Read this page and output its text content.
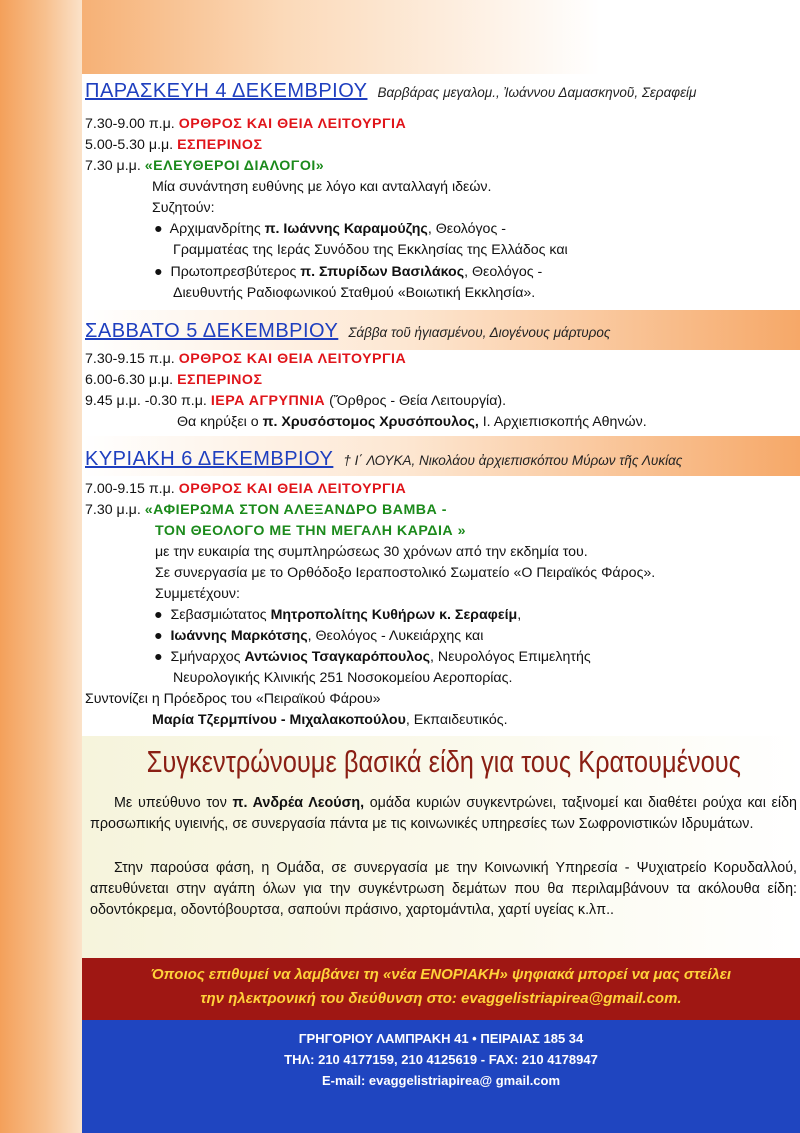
ΠΑΡΑΣΚΕΥΗ 4 ΔΕΚΕΜΒΡΙΟΥ Βαρβάρας μεγαλομ., Ἰωάννου Δαμασκηνοῦ, Σεραφείμ
7.30-9.00 π.μ. ΟΡΘΡΟΣ ΚΑΙ ΘΕΙΑ ΛΕΙΤΟΥΡΓΙΑ
5.00-5.30 μ.μ. ΕΣΠΕΡΙΝΟΣ
7.30 μ.μ. «ΕΛΕΥΘΕΡΟΙ ΔΙΑΛΟΓΟΙ»
Μία συνάντηση ευθύνης με λόγο και ανταλλαγή ιδεών.
Συζητούν:
●  Αρχιμανδρίτης π. Ιωάννης Καραμούζης, Θεολόγος -
Γραμματέας της Ιεράς Συνόδου της Εκκλησίας της Ελλάδος και
●  Πρωτοπρεσβύτερος π. Σπυρίδων Βασιλάκος, Θεολόγος -
Διευθυντής Ραδιοφωνικού Σταθμού «Βοιωτική Εκκλησία».
ΣΑΒΒΑΤΟ 5 ΔΕΚΕΜΒΡΙΟΥ Σάββα τοῦ ἡγιασμένου, Διογένους μάρτυρος
7.30-9.15 π.μ. ΟΡΘΡΟΣ ΚΑΙ ΘΕΙΑ ΛΕΙΤΟΥΡΓΙΑ
6.00-6.30 μ.μ. ΕΣΠΕΡΙΝΟΣ
9.45 μ.μ. -0.30 π.μ. ΙΕΡΑ ΑΓΡΥΠΝΙΑ (Ὄρθρος - Θεία Λειτουργία).
Θα κηρύξει ο π. Χρυσόστομος Χρυσόπουλος, Ι. Αρχιεπισκοπής Αθηνών.
ΚΥΡΙΑΚΗ 6 ΔΕΚΕΜΒΡΙΟΥ † Ι΄ ΛΟΥΚΑ, Νικολάου ἀρχιεπισκόπου Μύρων τῆς Λυκίας
7.00-9.15 π.μ. ΟΡΘΡΟΣ ΚΑΙ ΘΕΙΑ ΛΕΙΤΟΥΡΓΙΑ
7.30 μ.μ. «ΑΦΙΕΡΩΜΑ ΣΤΟΝ ΑΛΕΞΑΝΔΡΟ ΒΑΜΒΑ -
ΤΟΝ ΘΕΟΛΟΓΟ ΜΕ ΤΗΝ ΜΕΓΑΛΗ ΚΑΡΔΙΑ »
με την ευκαιρία της συμπληρώσεως 30 χρόνων από την εκδημία του.
Σε συνεργασία με το Ορθόδοξο Ιεραποστολικό Σωματείο «Ο Πειραϊκός Φάρος».
Συμμετέχουν:
●  Σεβασμιώτατος Μητροπολίτης Κυθήρων κ. Σεραφείμ,
●  Ιωάννης Μαρκότσης, Θεολόγος - Λυκειάρχης και
●  Σμήναρχος Αντώνιος Τσαγκαρόπουλος, Νευρολόγος Επιμελητής
Νευρολογικής Κλινικής 251 Νοσοκομείου Αεροπορίας.
Συντονίζει η Πρόεδρος του «Πειραϊκού Φάρου»
Μαρία Τζερμπίνου - Μιχαλακοπούλου, Εκπαιδευτικός.
Συγκεντρώνουμε βασικά είδη για τους Κρατουμένους
Με υπεύθυνο τον π. Ανδρέα Λεούση, ομάδα κυριών συγκεντρώνει, ταξινομεί και διαθέτει ρούχα και είδη προσωπικής υγιεινής, σε συνεργασία πάντα με τις κοινωνικές υπηρεσίες των Σωφρονιστικών Ιδρυμάτων.
Στην παρούσα φάση, η Ομάδα, σε συνεργασία με την Κοινωνική Υπηρεσία - Ψυχιατρείο Κορυδαλλού, απευθύνεται στην αγάπη όλων για την συγκέντρωση δεμάτων που θα περιλαμβάνουν τα ακόλουθα είδη: οδοντόκρεμα, οδοντόβουρτσα, σαπούνι πράσινο, χαρτομάντιλα, χαρτί υγείας κ.λπ..
Όποιος επιθυμεί να λαμβάνει τη «νέα ΕΝΟΡΙΑΚΗ» ψηφιακά μπορεί να μας στείλει
την ηλεκτρονική του διεύθυνση στο: evaggelistriapirea@gmail.com.
ΓΡΗΓΟΡΙΟΥ ΛΑΜΠΡΑΚΗ 41 • ΠΕΙΡΑΙΑΣ 185 34
ΤΗΛ: 210 4177159, 210 4125619 - FAX: 210 4178947
E-mail: evaggelistriapirea@ gmail.com
